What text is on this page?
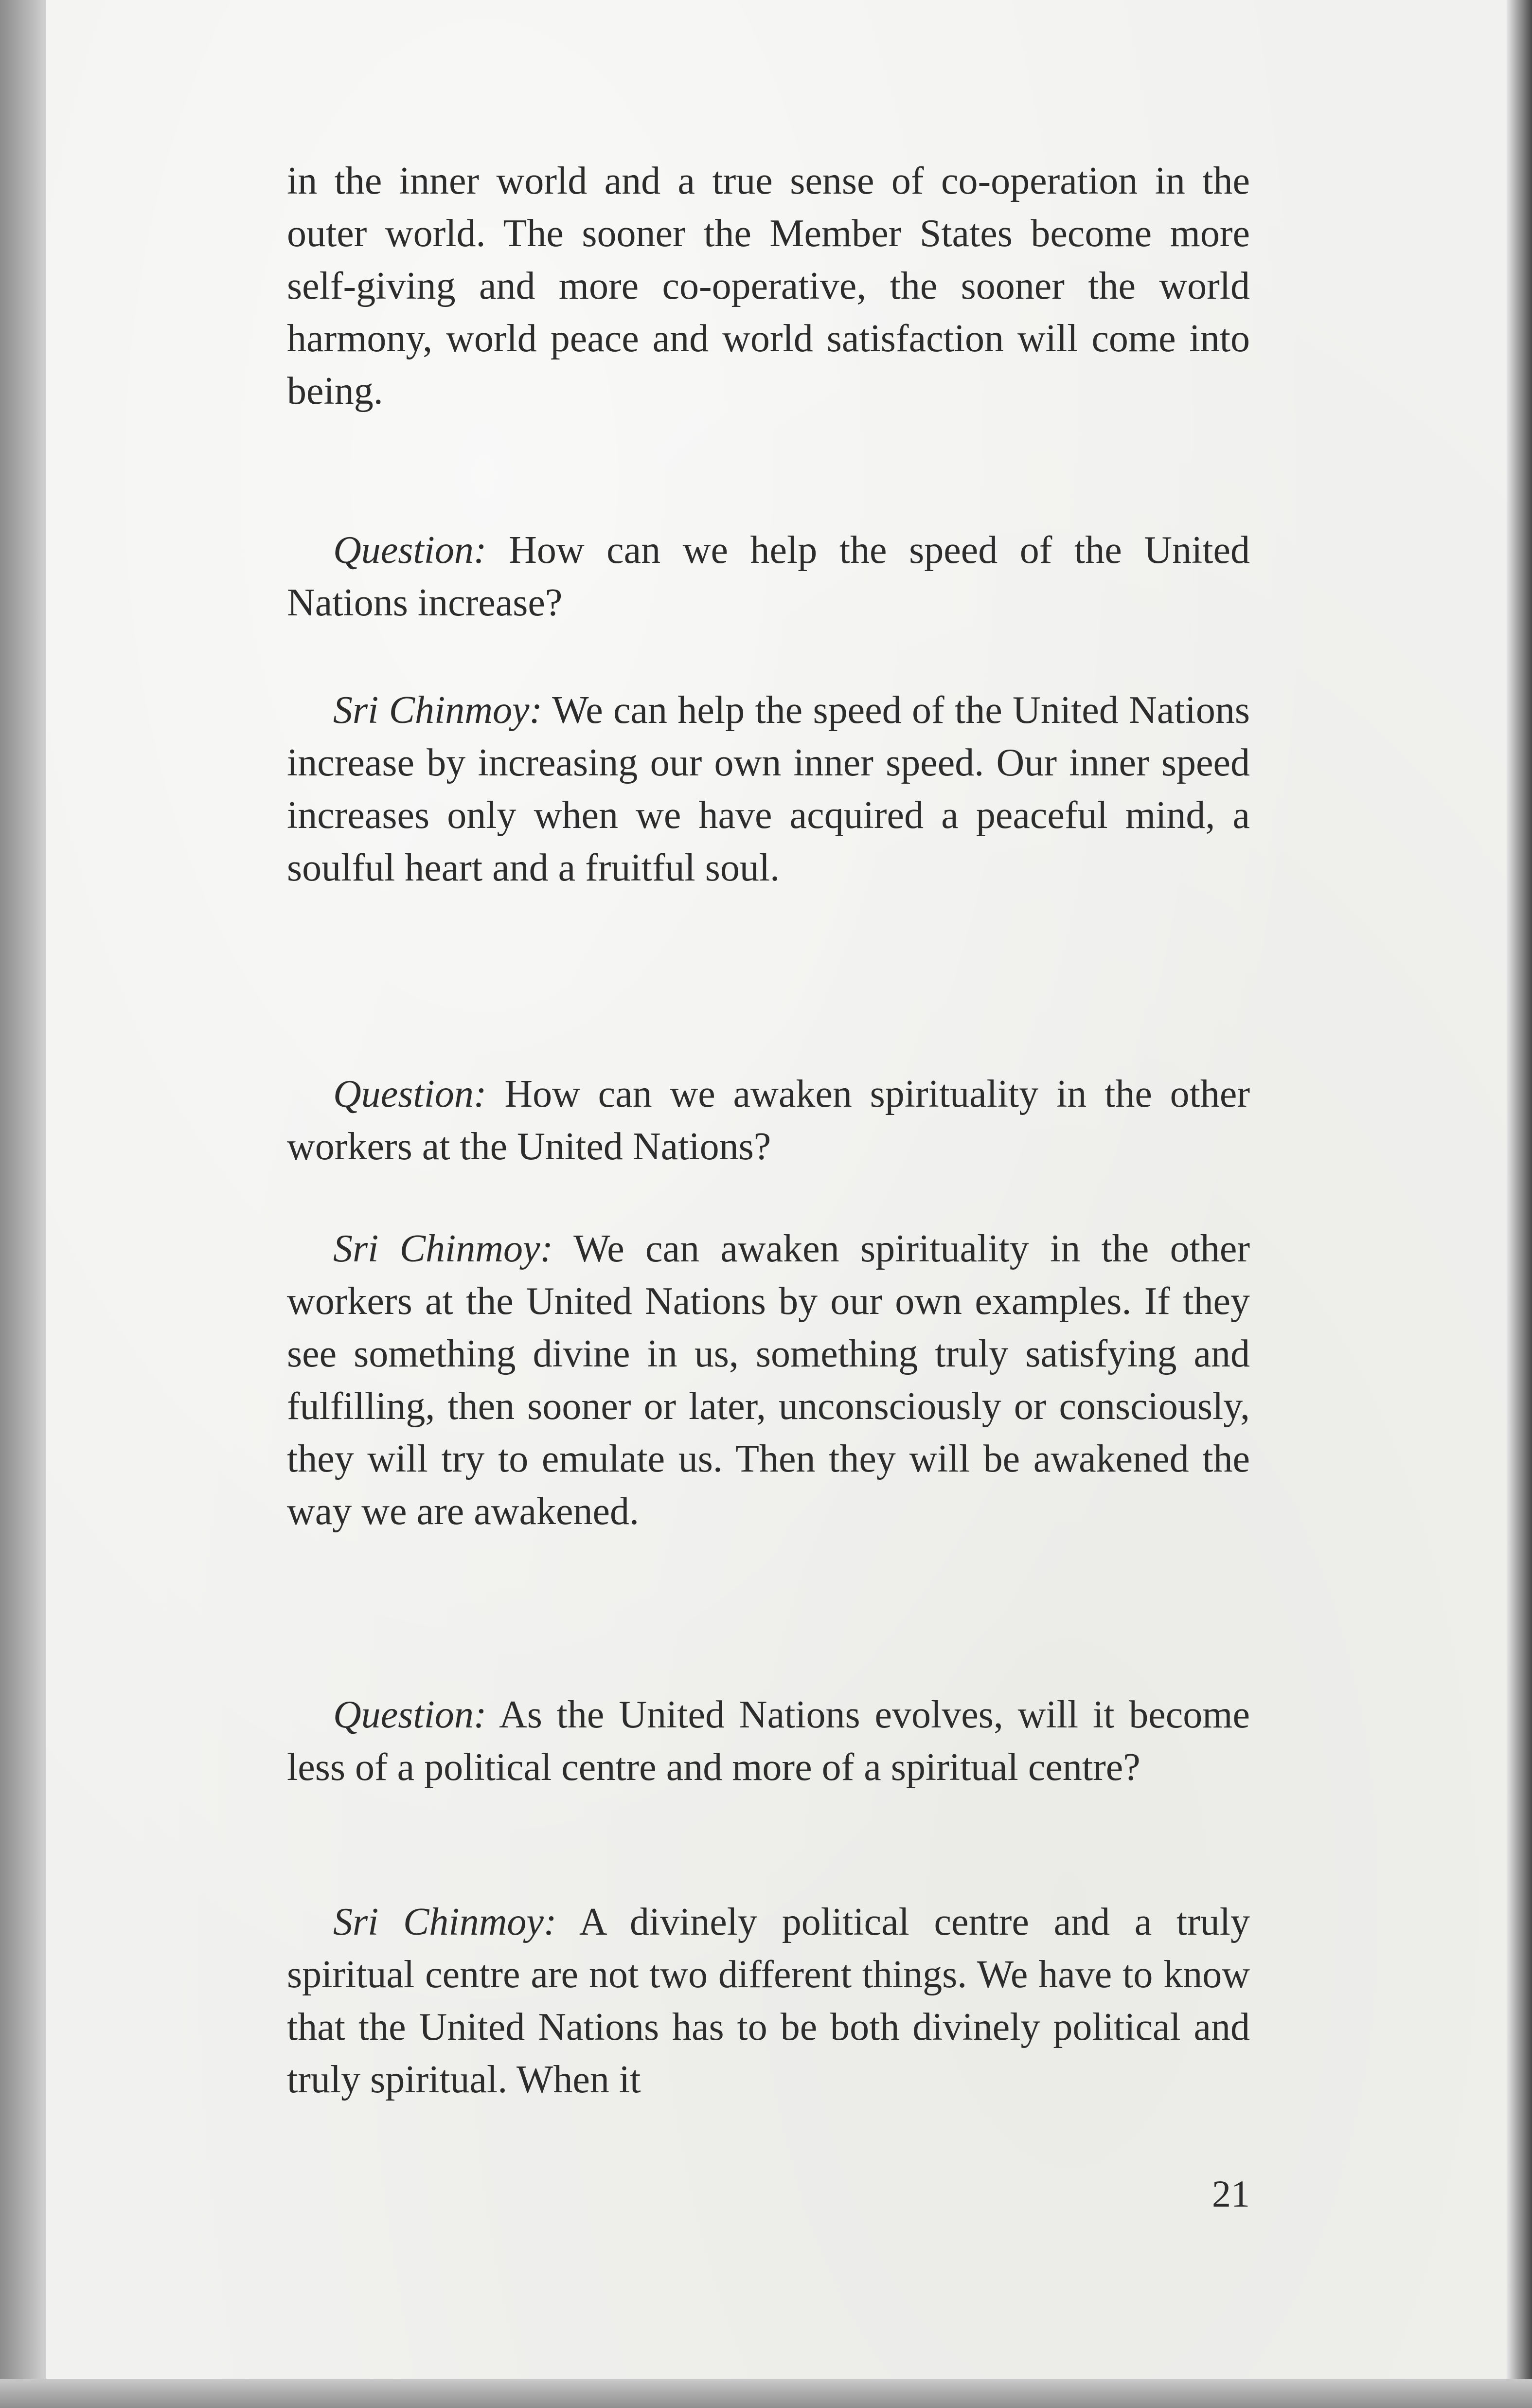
in the inner world and a true sense of co-operation in the outer world. The sooner the Member States become more self-giving and more co-operative, the sooner the world harmony, world peace and world satisfaction will come into being.

Question: How can we help the speed of the United Nations increase?

Sri Chinmoy: We can help the speed of the United Nations increase by increasing our own inner speed. Our inner speed increases only when we have acquired a peaceful mind, a soulful heart and a fruitful soul.

Question: How can we awaken spirituality in the other workers at the United Nations?

Sri Chinmoy: We can awaken spirituality in the other workers at the United Nations by our own examples. If they see something divine in us, something truly satisfying and fulfilling, then sooner or later, unconsciously or consciously, they will try to emulate us. Then they will be awakened the way we are awakened.

Question: As the United Nations evolves, will it become less of a political centre and more of a spiritual centre?

Sri Chinmoy: A divinely political centre and a truly spiritual centre are not two different things. We have to know that the United Nations has to be both divinely political and truly spiritual. When it

21
